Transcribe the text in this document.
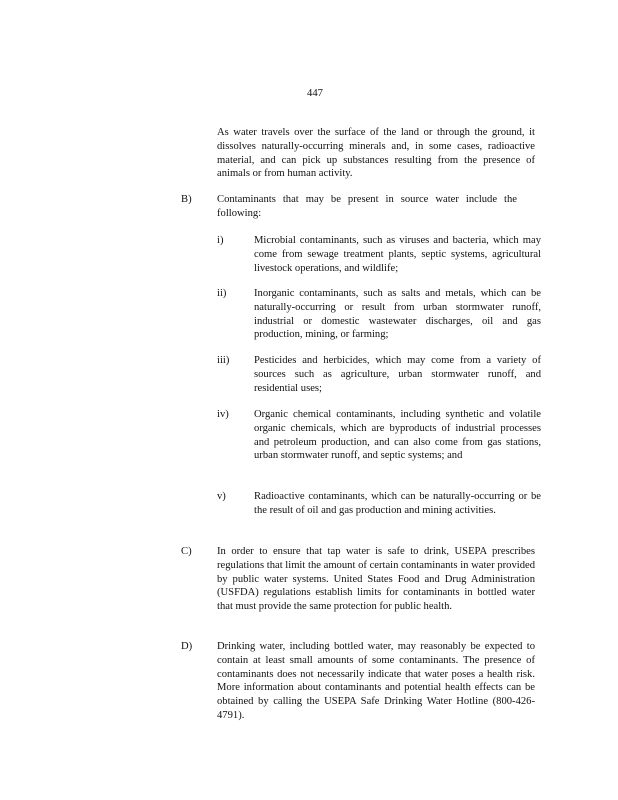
447

As water travels over the surface of the land or through the ground, it dissolves naturally-occurring minerals and, in some cases, radioactive material, and can pick up substances resulting from the presence of animals or from human activity.

B) Contaminants that may be present in source water include the following:
i)	Microbial contaminants, such as viruses and bacteria, which may come from sewage treatment plants, septic systems, agricultural livestock operations, and wildlife;
ii)	Inorganic contaminants, such as salts and metals, which can be naturally-occurring or result from urban stormwater runoff, industrial or domestic wastewater discharges, oil and gas production, mining, or farming;
iii) Pesticides and herbicides, which may come from a variety of sources such as agriculture, urban stormwater runoff, and residential uses;
iv) Organic chemical contaminants, including synthetic and volatile organic chemicals, which are byproducts of industrial processes and petroleum production, and can also come from gas stations, urban stormwater runoff, and septic systems; and
v)	Radioactive contaminants, which can be naturally-occurring or be the result of oil and gas production and mining activities.
C) In order to ensure that tap water is safe to drink, USEPA prescribes regulations that limit the amount of certain contaminants in water provided by public water systems. United States Food and Drug Administration (USFDA) regulations establish limits for contaminants in bottled water that must provide the same protection for public health.
D) Drinking water, including bottled water, may reasonably be expected to contain at least small amounts of some contaminants. The presence of contaminants does not necessarily indicate that water poses a health risk. More information about contaminants and potential health effects can be obtained by calling the USEPA Safe Drinking Water Hotline (800-426-4791).
